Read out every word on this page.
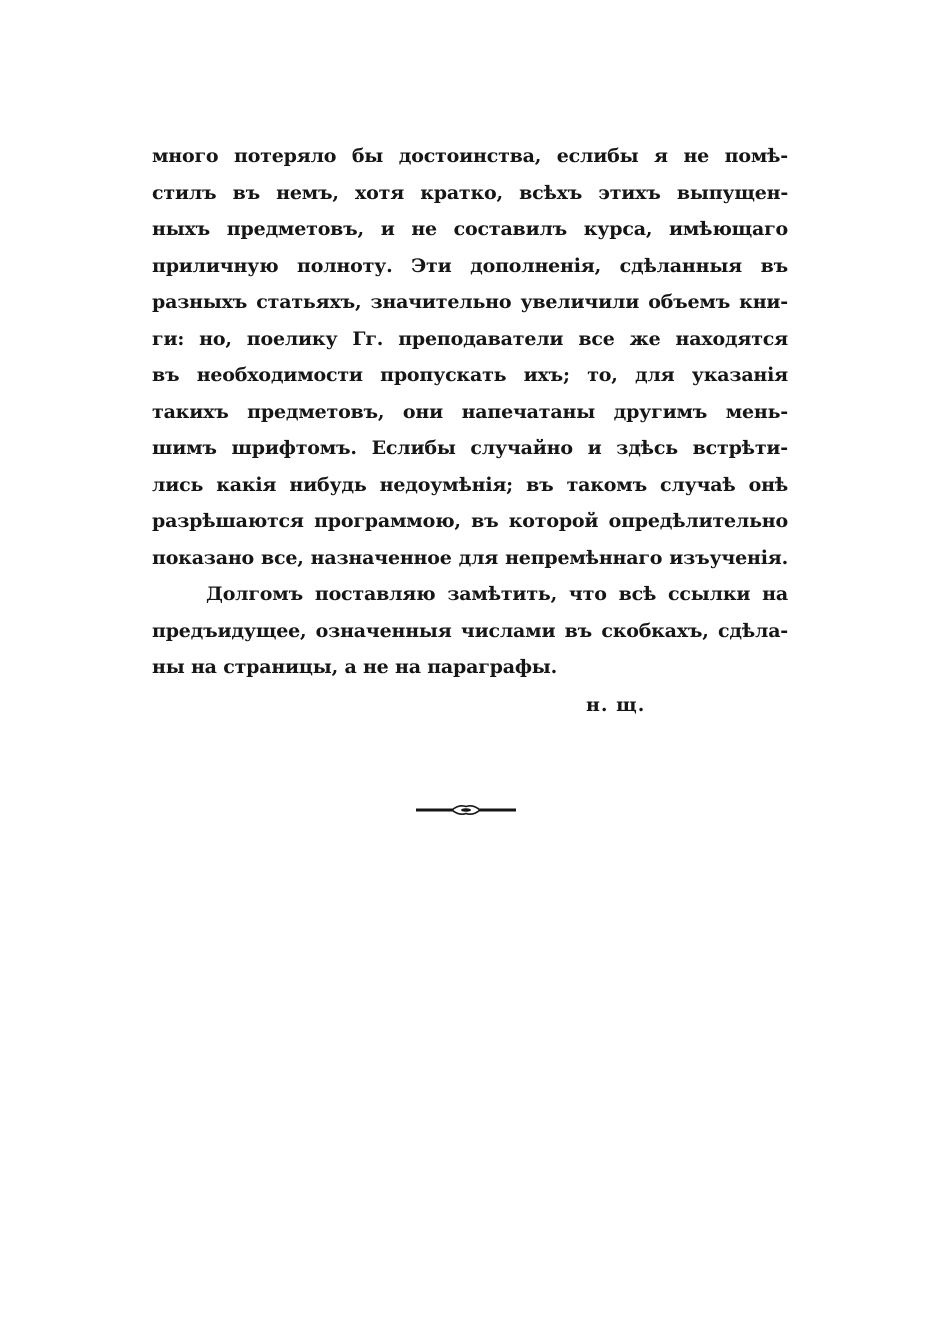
много потеряло бы достоинства, еслибы я не помѣ-
стилъ въ немъ, хотя кратко, всѣхъ этихъ выпущен-
ныхъ предметовъ, и не составилъ курса, имѣющаго
приличную полноту. Эти дополненія, сдѣланныя въ
разныхъ статьяхъ, значительно увеличили объемъ кни-
ги: но, поелику Гг. преподаватели все же находятся
въ необходимости пропускать ихъ; то, для указанія
такихъ предметовъ, они напечатаны другимъ мень-
шимъ шрифтомъ. Еслибы случайно и здѣсь встрѣти-
лись какія нибудь недоумѣнія; въ такомъ случаѣ онѣ
разрѣшаются программою, въ которой опредѣлительно
показано все, назначенное для непремѣннаго изъученія.
Долгомъ поставляю замѣтить, что всѣ ссылки на
предъидущее, означенныя числами въ скобкахъ, сдѣла-
ны на страницы, а не на параграфы.
н. щ.
